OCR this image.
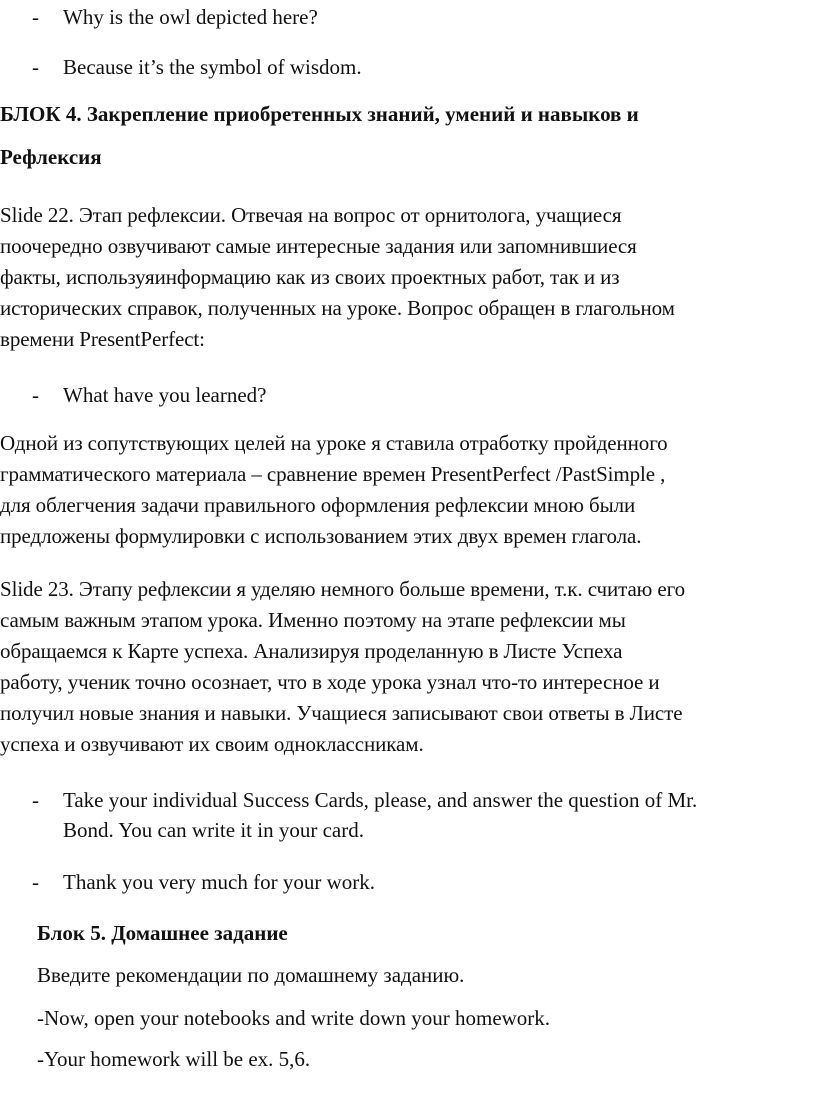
- Why is the owl depicted here?
- Because it’s the symbol of wisdom.
БЛОК 4. Закрепление приобретенных знаний, умений и навыков и
Рефлексия
Slide 22. Этап рефлексии. Отвечая на вопрос от орнитолога, учащиеся
поочередно озвучивают самые интересные задания или запомнившиеся
факты, используяинформацию как из своих проектных работ, так и из
исторических справок, полученных на уроке. Вопрос обращен в глагольном
времени PresentPerfect:
- What have you learned?
Одной из сопутствующих целей на уроке я ставила отработку пройденного
грамматического материала – сравнение времен PresentPerfect /PastSimple ,
для облегчения задачи правильного оформления рефлексии мною были
предложены формулировки с использованием этих двух времен глагола.
Slide 23. Этапу рефлексии я уделяю немного больше времени, т.к. считаю его
самым важным этапом урока. Именно поэтому на этапе рефлексии мы
обращаемся к Карте успеха. Анализируя проделанную в Листе Успеха
работу, ученик точно осознает, что в ходе урока узнал что-то интересное и
получил новые знания и навыки. Учащиеся записывают свои ответы в Листе
успеха и озвучивают их своим одноклассникам.
- Take your individual Success Cards, please, and answer the question of Mr.
Bond. You can write it in your card.
- Thank you very much for your work.
Блок 5. Домашнее задание
Введите рекомендации по домашнему заданию.
-Now, open your notebooks and write down your homework.
-Your homework will be ex. 5,6.
